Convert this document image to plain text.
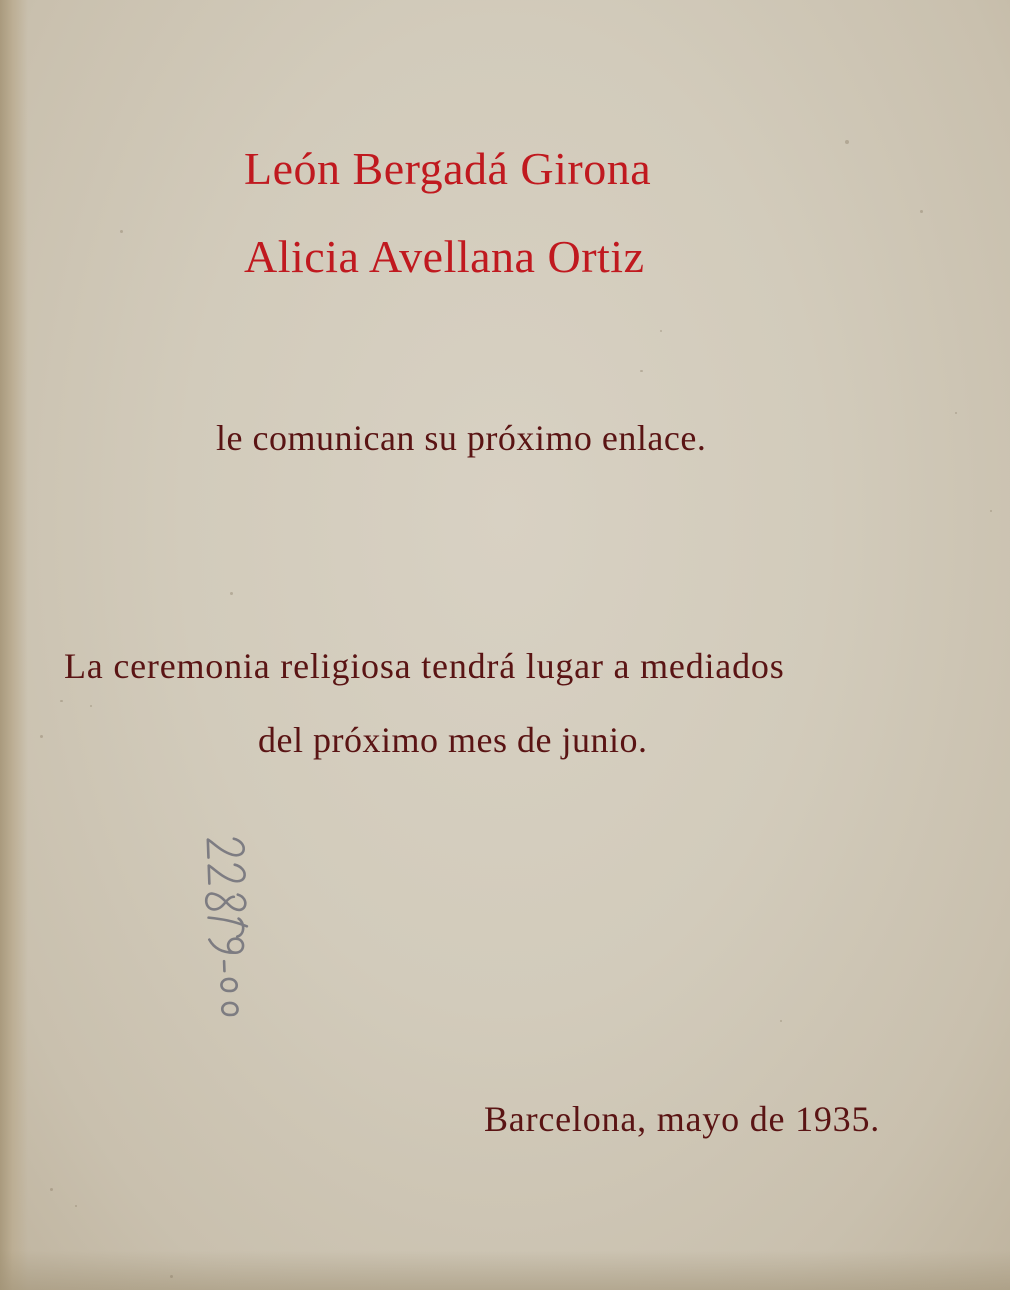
León Bergadá Girona
Alicia Avellana Ortiz
le comunican su próximo enlace.
La ceremonia religiosa tendrá lugar a mediados
del próximo mes de junio.
Barcelona, mayo de 1935.
